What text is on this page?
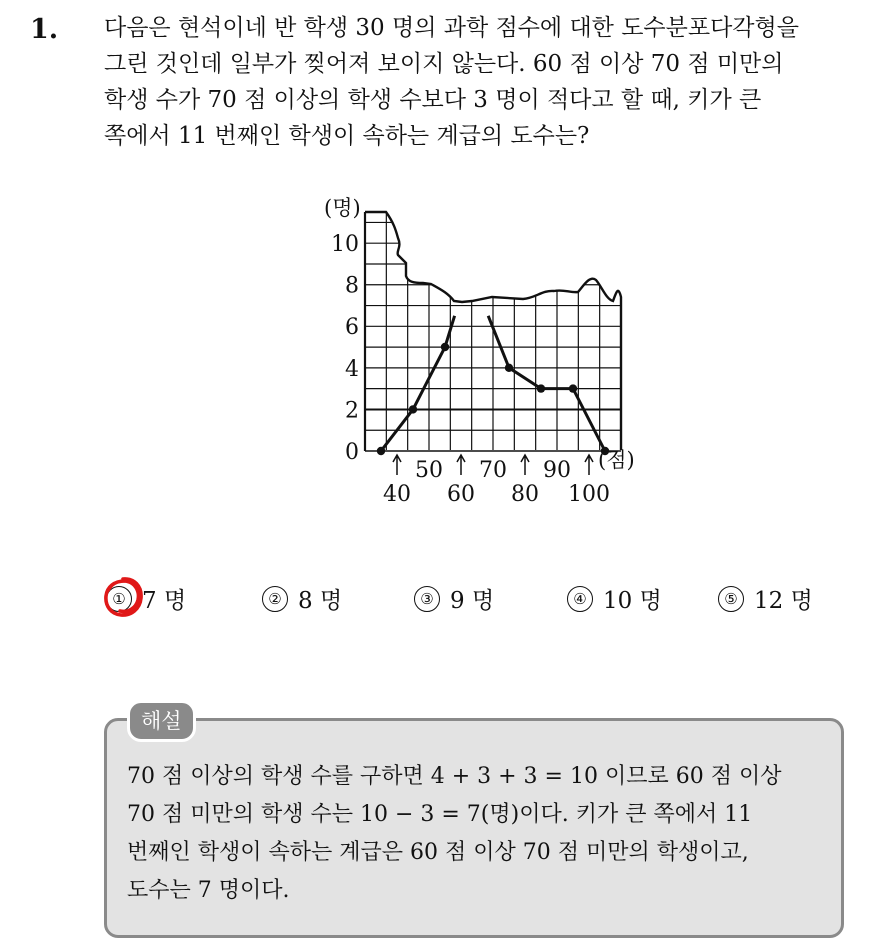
1. 다음은 현석이네 반 학생 30 명의 과학 점수에 대한 도수분포다각형을
그린 것인데 일부가 찢어져 보이지 않는다. 60 점 이상 70 점 미만의
학생 수가 70 점 이상의 학생 수보다 3 명이 적다고 할 때, 키가 큰
쪽에서 11 번째인 학생이 속하는 계급의 도수는?
0
2
4
6
8
10
50 70 90
40 60 80 100
(명)
(점)
① 7 명	② 8 명	③ 9 명	④ 10 명	⑤ 12 명
해설
70 점 이상의 학생 수를 구하면 4 + 3 + 3 = 10 이므로 60 점 이상
70 점 미만의 학생 수는 10 − 3 = 7(명)이다. 키가 큰 쪽에서 11
번째인 학생이 속하는 계급은 60 점 이상 70 점 미만의 학생이고,
도수는 7 명이다.
